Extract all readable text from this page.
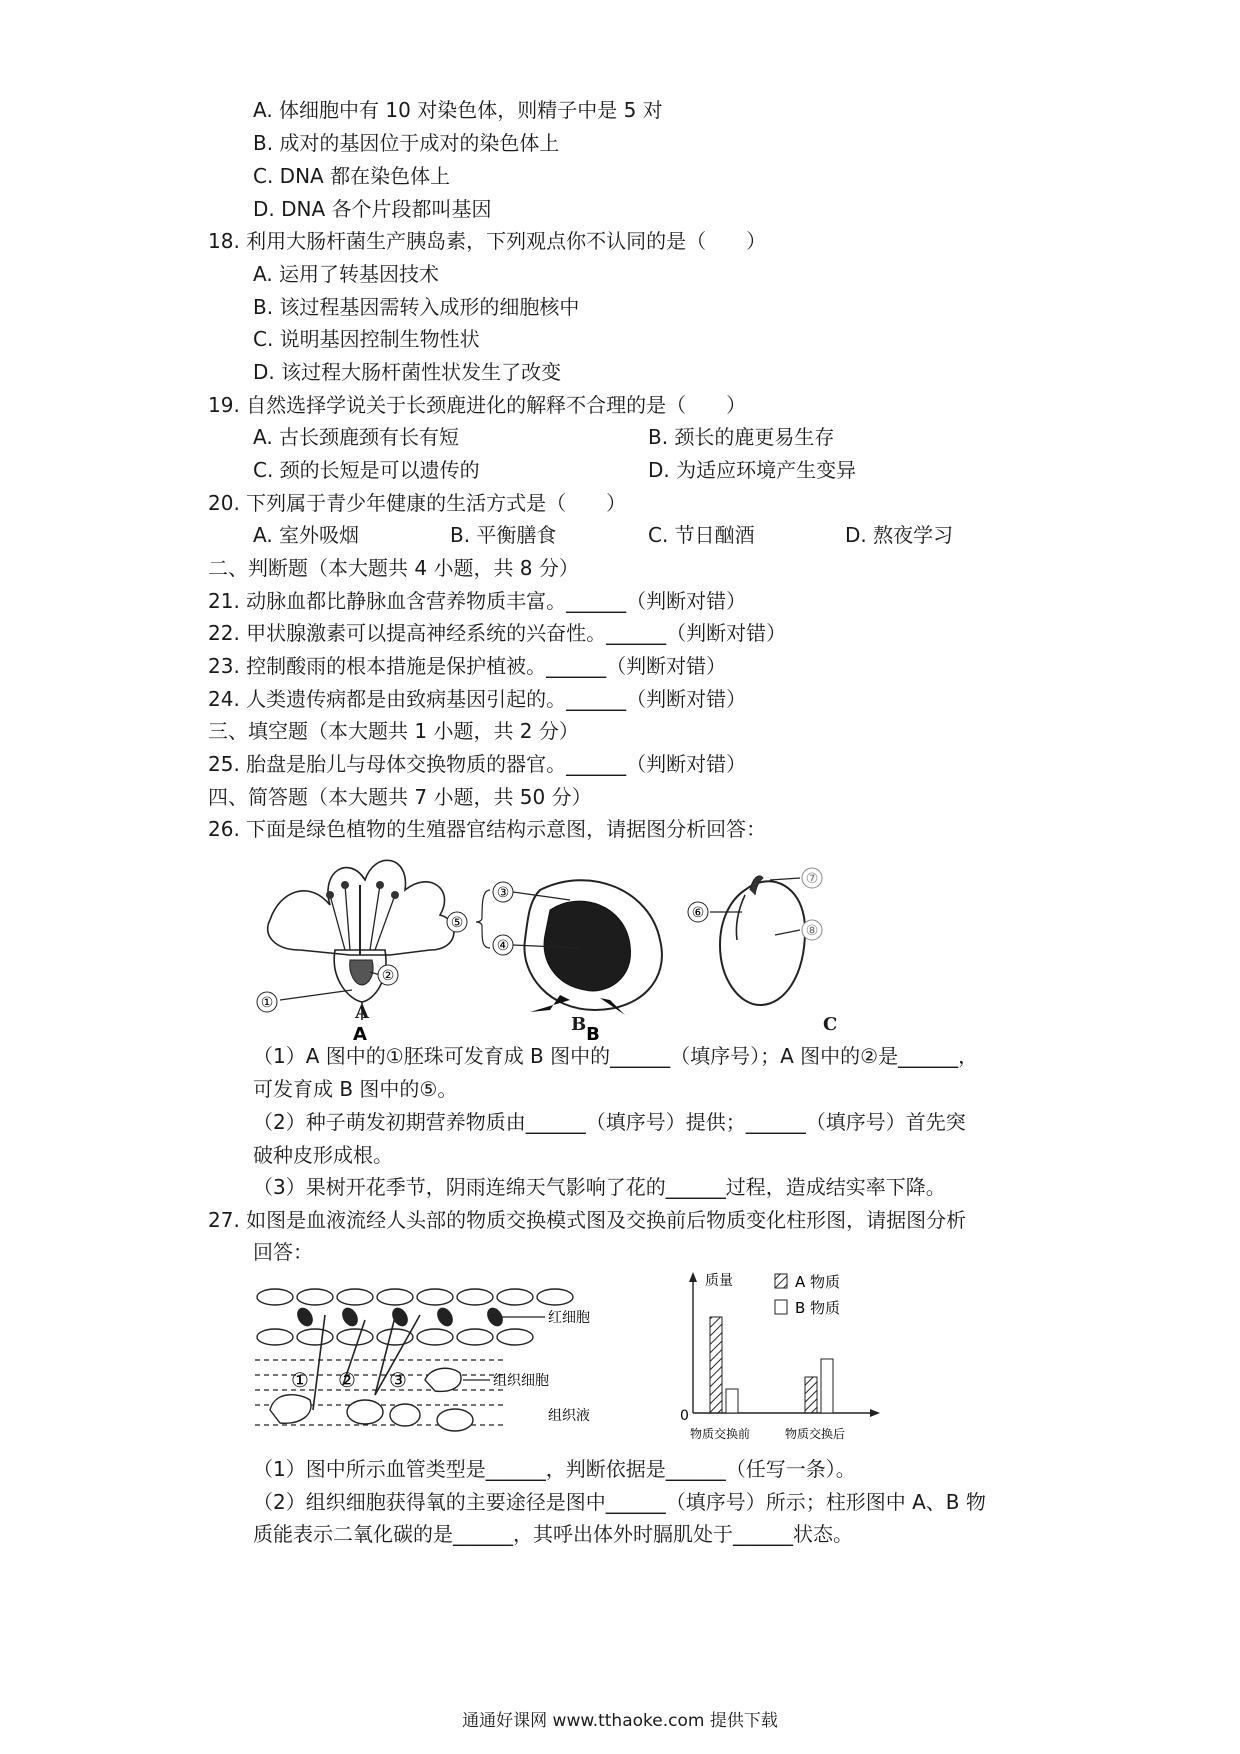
A. 体细胞中有 10 对染色体，则精子中是 5 对
B. 成对的基因位于成对的染色体上
C. DNA 都在染色体上
D. DNA 各个片段都叫基因
18. 利用大肠杆菌生产胰岛素，下列观点你不认同的是（　　）
A. 运用了转基因技术
B. 该过程基因需转入成形的细胞核中
C. 说明基因控制生物性状
D. 该过程大肠杆菌性状发生了改变
19. 自然选择学说关于长颈鹿进化的解释不合理的是（　　）
A. 古长颈鹿颈有长有短	B. 颈长的鹿更易生存
C. 颈的长短是可以遗传的	D. 为适应环境产生变异
20. 下列属于青少年健康的生活方式是（　　）
A. 室外吸烟	B. 平衡膳食	C. 节日酗酒	D. 熬夜学习
二、判断题（本大题共 4 小题，共 8 分）
21. 动脉血都比静脉血含营养物质丰富。______（判断对错）
22. 甲状腺激素可以提高神经系统的兴奋性。______（判断对错）
23. 控制酸雨的根本措施是保护植被。______（判断对错）
24. 人类遗传病都是由致病基因引起的。______（判断对错）
三、填空题（本大题共 1 小题，共 2 分）
25. 胎盘是胎儿与母体交换物质的器官。______（判断对错）
四、简答题（本大题共 7 小题，共 50 分）
26. 下面是绿色植物的生殖器官结构示意图，请据图分析回答：
①
②
A
③
④
⑤
B
⑥
⑦
⑧
B
A
C
（1）A 图中的①胚珠可发育成 B 图中的______（填序号）；A 图中的②是______，
可发育成 B 图中的⑤。
（2）种子萌发初期营养物质由______（填序号）提供；______（填序号）首先突
破种皮形成根。
（3）果树开花季节，阴雨连绵天气影响了花的______过程，造成结实率下降。
27. 如图是血液流经人头部的物质交换模式图及交换前后物质变化柱形图，请据图分析
回答：
① ② ③
红细胞
组织细胞
组织液
质量
0
A 物质
B 物质
物质交换前	物质交换后
（1）图中所示血管类型是______，判断依据是______（任写一条）。
（2）组织细胞获得氧的主要途径是图中______（填序号）所示；柱形图中 A、B 物
质能表示二氧化碳的是______，其呼出体外时膈肌处于______状态。
通通好课网 www.tthaoke.com 提供下载
